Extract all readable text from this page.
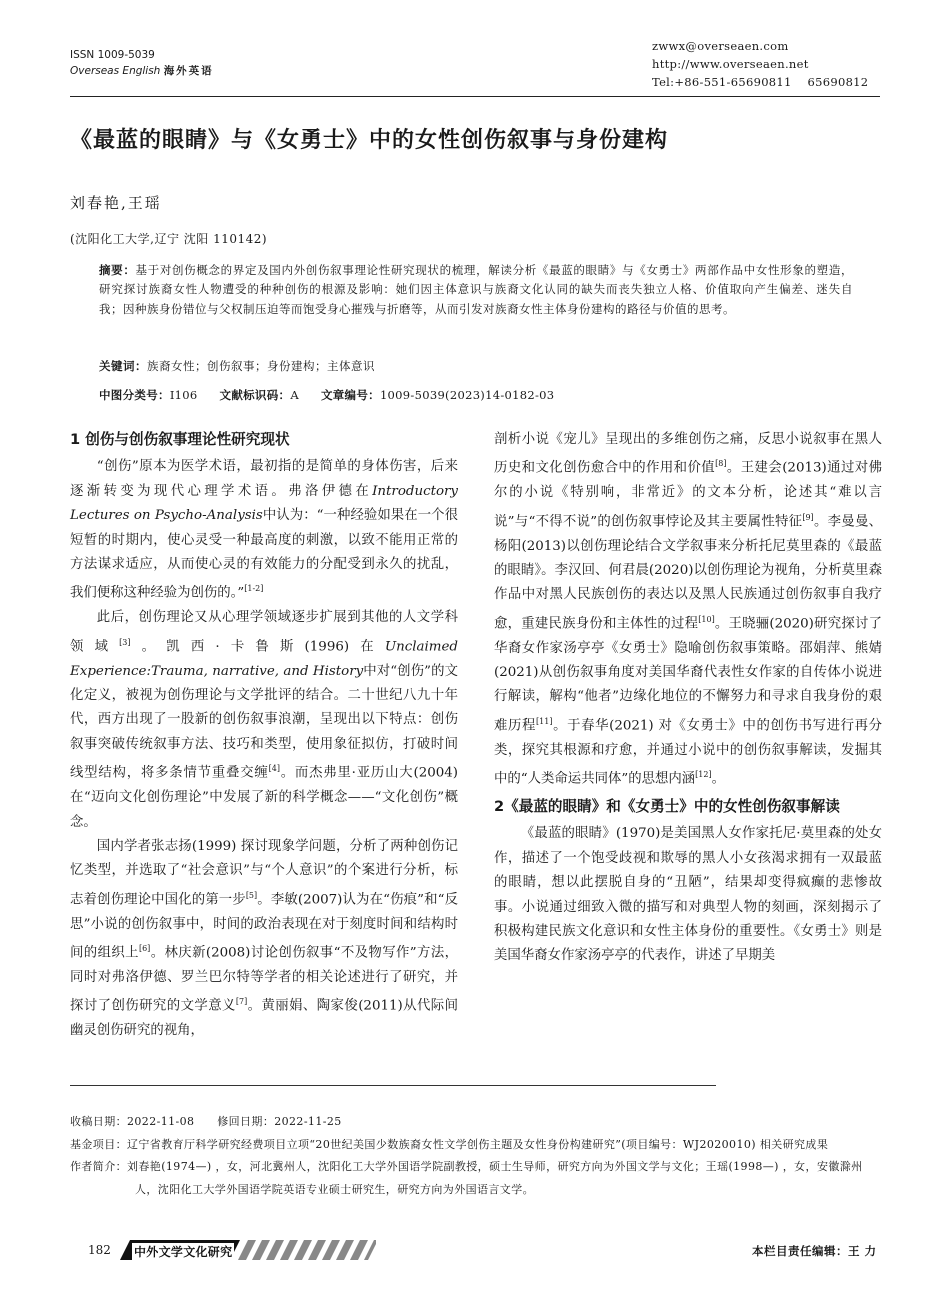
ISSN 1009-5039
Overseas English 海外英语
zwwx@overseaen.com
http://www.overseaen.net
Tel:+86-551-65690811    65690812
《最蓝的眼睛》与《女勇士》中的女性创伤叙事与身份建构
刘春艳,王瑶
(沈阳化工大学,辽宁 沈阳 110142)
摘要：基于对创伤概念的界定及国内外创伤叙事理论性研究现状的梳理，解读分析《最蓝的眼睛》与《女勇士》两部作品中女性形象的塑造，研究探讨族裔女性人物遭受的种种创伤的根源及影响：她们因主体意识与族裔文化认同的缺失而丧失独立人格、价值取向产生偏差、迷失自我；因种族身份错位与父权制压迫等而饱受身心摧残与折磨等，从而引发对族裔女性主体身份建构的路径与价值的思考。
关键词：族裔女性；创伤叙事；身份建构；主体意识
中图分类号：I106 文献标识码：A 文章编号：1009-5039(2023)14-0182-03
1 创伤与创伤叙事理论性研究现状

“创伤”原本为医学术语，最初指的是简单的身体伤害，后来逐渐转变为现代心理学术语。弗洛伊德在Introductory Lectures on Psycho-Analysis中认为：“一种经验如果在一个很短暂的时期内，使心灵受一种最高度的刺激，以致不能用正常的方法谋求适应，从而使心灵的有效能力的分配受到永久的扰乱，我们便称这种经验为创伤的。”[1-2]

此后，创伤理论又从心理学领域逐步扩展到其他的人文学科领域[3]。凯西·卡鲁斯(1996)在Unclaimed Experience:Trauma, narrative, and History中对“创伤”的文化定义，被视为创伤理论与文学批评的结合。二十世纪八九十年代，西方出现了一股新的创伤叙事浪潮，呈现出以下特点：创伤叙事突破传统叙事方法、技巧和类型，使用象征拟仿，打破时间线型结构，将多条情节重叠交缠[4]。而杰弗里·亚历山大(2004) 在“迈向文化创伤理论”中发展了新的科学概念——“文化创伤”概念。

国内学者张志扬(1999) 探讨现象学问题，分析了两种创伤记忆类型，并选取了“社会意识”与“个人意识”的个案进行分析，标志着创伤理论中国化的第一步[5]。李敏(2007)认为在“伤痕”和“反思”小说的创伤叙事中，时间的政治表现在对于刻度时间和结构时间的组织上[6]。林庆新(2008)讨论创伤叙事“不及物写作”方法，同时对弗洛伊德、罗兰巴尔特等学者的相关论述进行了研究，并探讨了创伤研究的文学意义[7]。黄丽娟、陶家俊(2011)从代际间幽灵创伤研究的视角，

剖析小说《宠儿》呈现出的多维创伤之痛，反思小说叙事在黑人历史和文化创伤愈合中的作用和价值[8]。王建会(2013)通过对佛尔的小说《特别响，非常近》的文本分析，论述其“难以言说”与“不得不说”的创伤叙事悖论及其主要属性特征[9]。李曼曼、杨阳(2013)以创伤理论结合文学叙事来分析托尼莫里森的《最蓝的眼睛》。李汉回、何君晨(2020)以创伤理论为视角，分析莫里森作品中对黑人民族创伤的表达以及黑人民族通过创伤叙事自我疗愈，重建民族身份和主体性的过程[10]。王晓骊(2020)研究探讨了华裔女作家汤亭亭《女勇士》隐喻创伤叙事策略。邵娟萍、熊婧(2021)从创伤叙事角度对美国华裔代表性女作家的自传体小说进行解读，解构“他者”边缘化地位的不懈努力和寻求自我身份的艰难历程[11]。于春华(2021) 对《女勇士》中的创伤书写进行再分类，探究其根源和疗愈，并通过小说中的创伤叙事解读，发掘其中的“人类命运共同体”的思想内涵[12]。

2《最蓝的眼睛》和《女勇士》中的女性创伤叙事解读

《最蓝的眼睛》(1970)是美国黑人女作家托尼·莫里森的处女作，描述了一个饱受歧视和欺辱的黑人小女孩渴求拥有一双最蓝的眼睛，想以此摆脱自身的“丑陋”，结果却变得疯癫的悲惨故事。小说通过细致入微的描写和对典型人物的刻画，深刻揭示了积极构建民族文化意识和女性主体身份的重要性。《女勇士》则是美国华裔女作家汤亭亭的代表作，讲述了早期美

收稿日期：2022-11-08　　修回日期：2022-11-25
基金项目：辽宁省教育厅科学研究经费项目立项“20世纪美国少数族裔女性文学创伤主题及女性身份构建研究”(项目编号：WJ2020010) 相关研究成果
作者简介：刘春艳(1974—) ，女，河北冀州人，沈阳化工大学外国语学院副教授，硕士生导师，研究方向为外国文学与文化；王瑶(1998—) ，女，安徽滁州人，沈阳化工大学外国语学院英语专业硕士研究生，研究方向为外国语言文学。
182 中外文学文化研究	本栏目责任编辑：王 力
